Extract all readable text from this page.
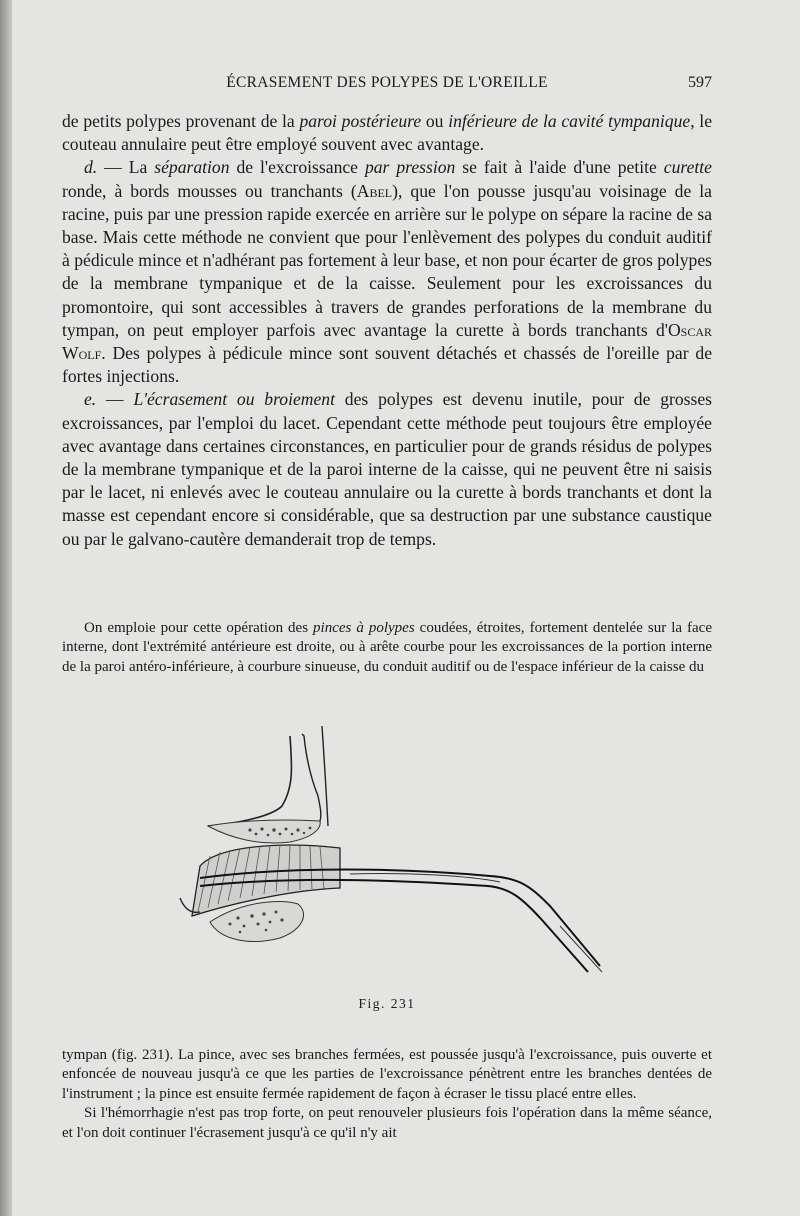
ÉCRASEMENT DES POLYPES DE L'OREILLE	597

de petits polypes provenant de la paroi postérieure ou inférieure de la cavité tympanique, le couteau annulaire peut être employé souvent avec avantage.

d. — La séparation de l'excroissance par pression se fait à l'aide d'une petite curette ronde, à bords mousses ou tranchants (Abel), que l'on pousse jusqu'au voisinage de la racine, puis par une pression rapide exercée en arrière sur le polype on sépare la racine de sa base. Mais cette méthode ne convient que pour l'enlèvement des polypes du conduit auditif à pédicule mince et n'adhérant pas fortement à leur base, et non pour écarter de gros polypes de la membrane tympanique et de la caisse. Seulement pour les excroissances du promontoire, qui sont accessibles à travers de grandes perforations de la membrane du tympan, on peut employer parfois avec avantage la curette à bords tranchants d'Oscar Wolf. Des polypes à pédicule mince sont souvent détachés et chassés de l'oreille par de fortes injections.

e. — L'écrasement ou broiement des polypes est devenu inutile, pour de grosses excroissances, par l'emploi du lacet. Cependant cette méthode peut toujours être employée avec avantage dans certaines circonstances, en particulier pour de grands résidus de polypes de la membrane tympanique et de la paroi interne de la caisse, qui ne peuvent être ni saisis par le lacet, ni enlevés avec le couteau annulaire ou la curette à bords tranchants et dont la masse est cependant encore si considérable, que sa destruction par une substance caustique ou par le galvano-cautère demanderait trop de temps.

On emploie pour cette opération des pinces à polypes coudées, étroites, fortement dentelée sur la face interne, dont l'extrémité antérieure est droite, ou à arête courbe pour les excroissances de la portion interne de la paroi antéro-inférieure, à courbure sinueuse, du conduit auditif ou de l'espace inférieur de la caisse du

Fig. 231

tympan (fig. 231). La pince, avec ses branches fermées, est poussée jusqu'à l'excroissance, puis ouverte et enfoncée de nouveau jusqu'à ce que les parties de l'excroissance pénètrent entre les branches dentées de l'instrument ; la pince est ensuite fermée rapidement de façon à écraser le tissu placé entre elles.

Si l'hémorrhagie n'est pas trop forte, on peut renouveler plusieurs fois l'opération dans la même séance, et l'on doit continuer l'écrasement jusqu'à ce qu'il n'y ait
